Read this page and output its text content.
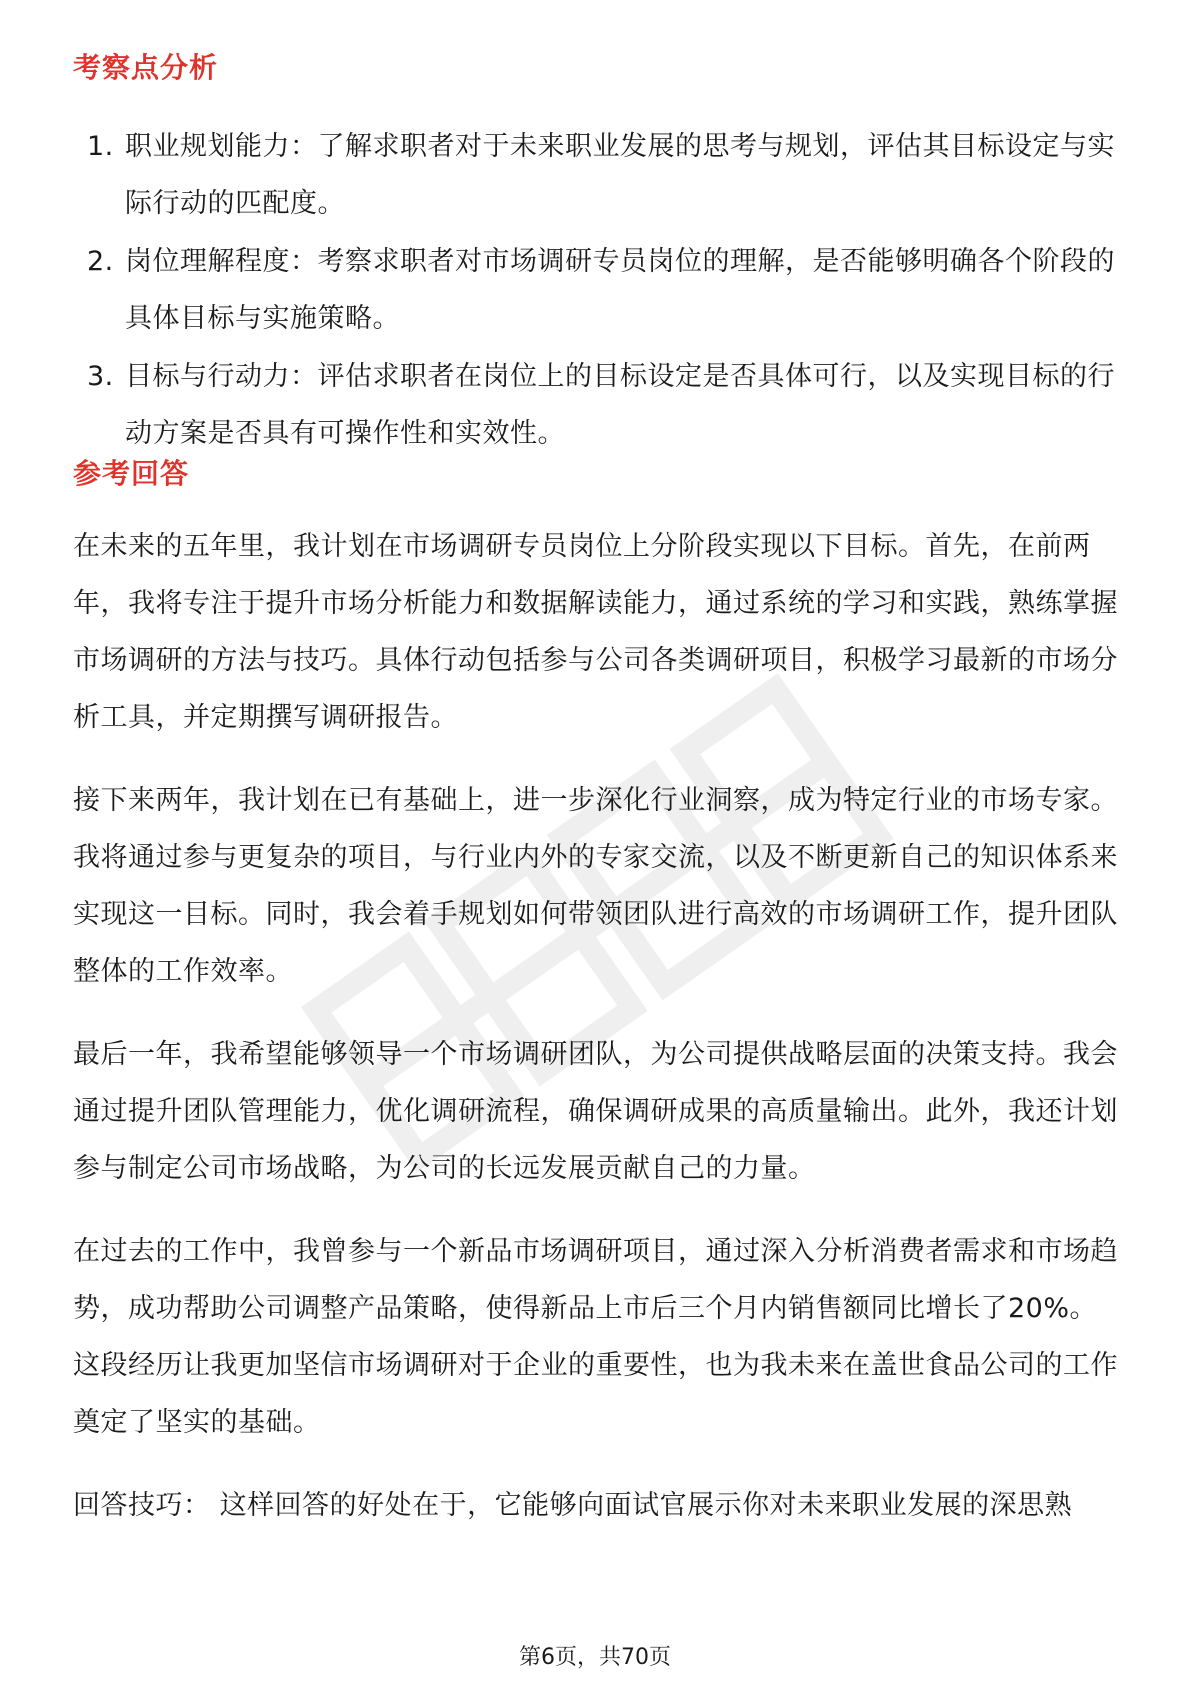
考察点分析
1. 职业规划能力：了解求职者对于未来职业发展的思考与规划，评估其目标设定与实际行动的匹配度。
2. 岗位理解程度：考察求职者对市场调研专员岗位的理解，是否能够明确各个阶段的具体目标与实施策略。
3. 目标与行动力：评估求职者在岗位上的目标设定是否具体可行，以及实现目标的行动方案是否具有可操作性和实效性。
参考回答

在未来的五年里，我计划在市场调研专员岗位上分阶段实现以下目标。首先，在前两年，我将专注于提升市场分析能力和数据解读能力，通过系统的学习和实践，熟练掌握市场调研的方法与技巧。具体行动包括参与公司各类调研项目，积极学习最新的市场分析工具，并定期撰写调研报告。

接下来两年，我计划在已有基础上，进一步深化行业洞察，成为特定行业的市场专家。我将通过参与更复杂的项目，与行业内外的专家交流，以及不断更新自己的知识体系来实现这一目标。同时，我会着手规划如何带领团队进行高效的市场调研工作，提升团队整体的工作效率。

最后一年，我希望能够领导一个市场调研团队，为公司提供战略层面的决策支持。我会通过提升团队管理能力，优化调研流程，确保调研成果的高质量输出。此外，我还计划参与制定公司市场战略，为公司的长远发展贡献自己的力量。

在过去的工作中，我曾参与一个新品市场调研项目，通过深入分析消费者需求和市场趋势，成功帮助公司调整产品策略，使得新品上市后三个月内销售额同比增长了20%。这段经历让我更加坚信市场调研对于企业的重要性，也为我未来在盖世食品公司的工作奠定了坚实的基础。

回答技巧： 这样回答的好处在于，它能够向面试官展示你对未来职业发展的深思熟

第6页，共70页
